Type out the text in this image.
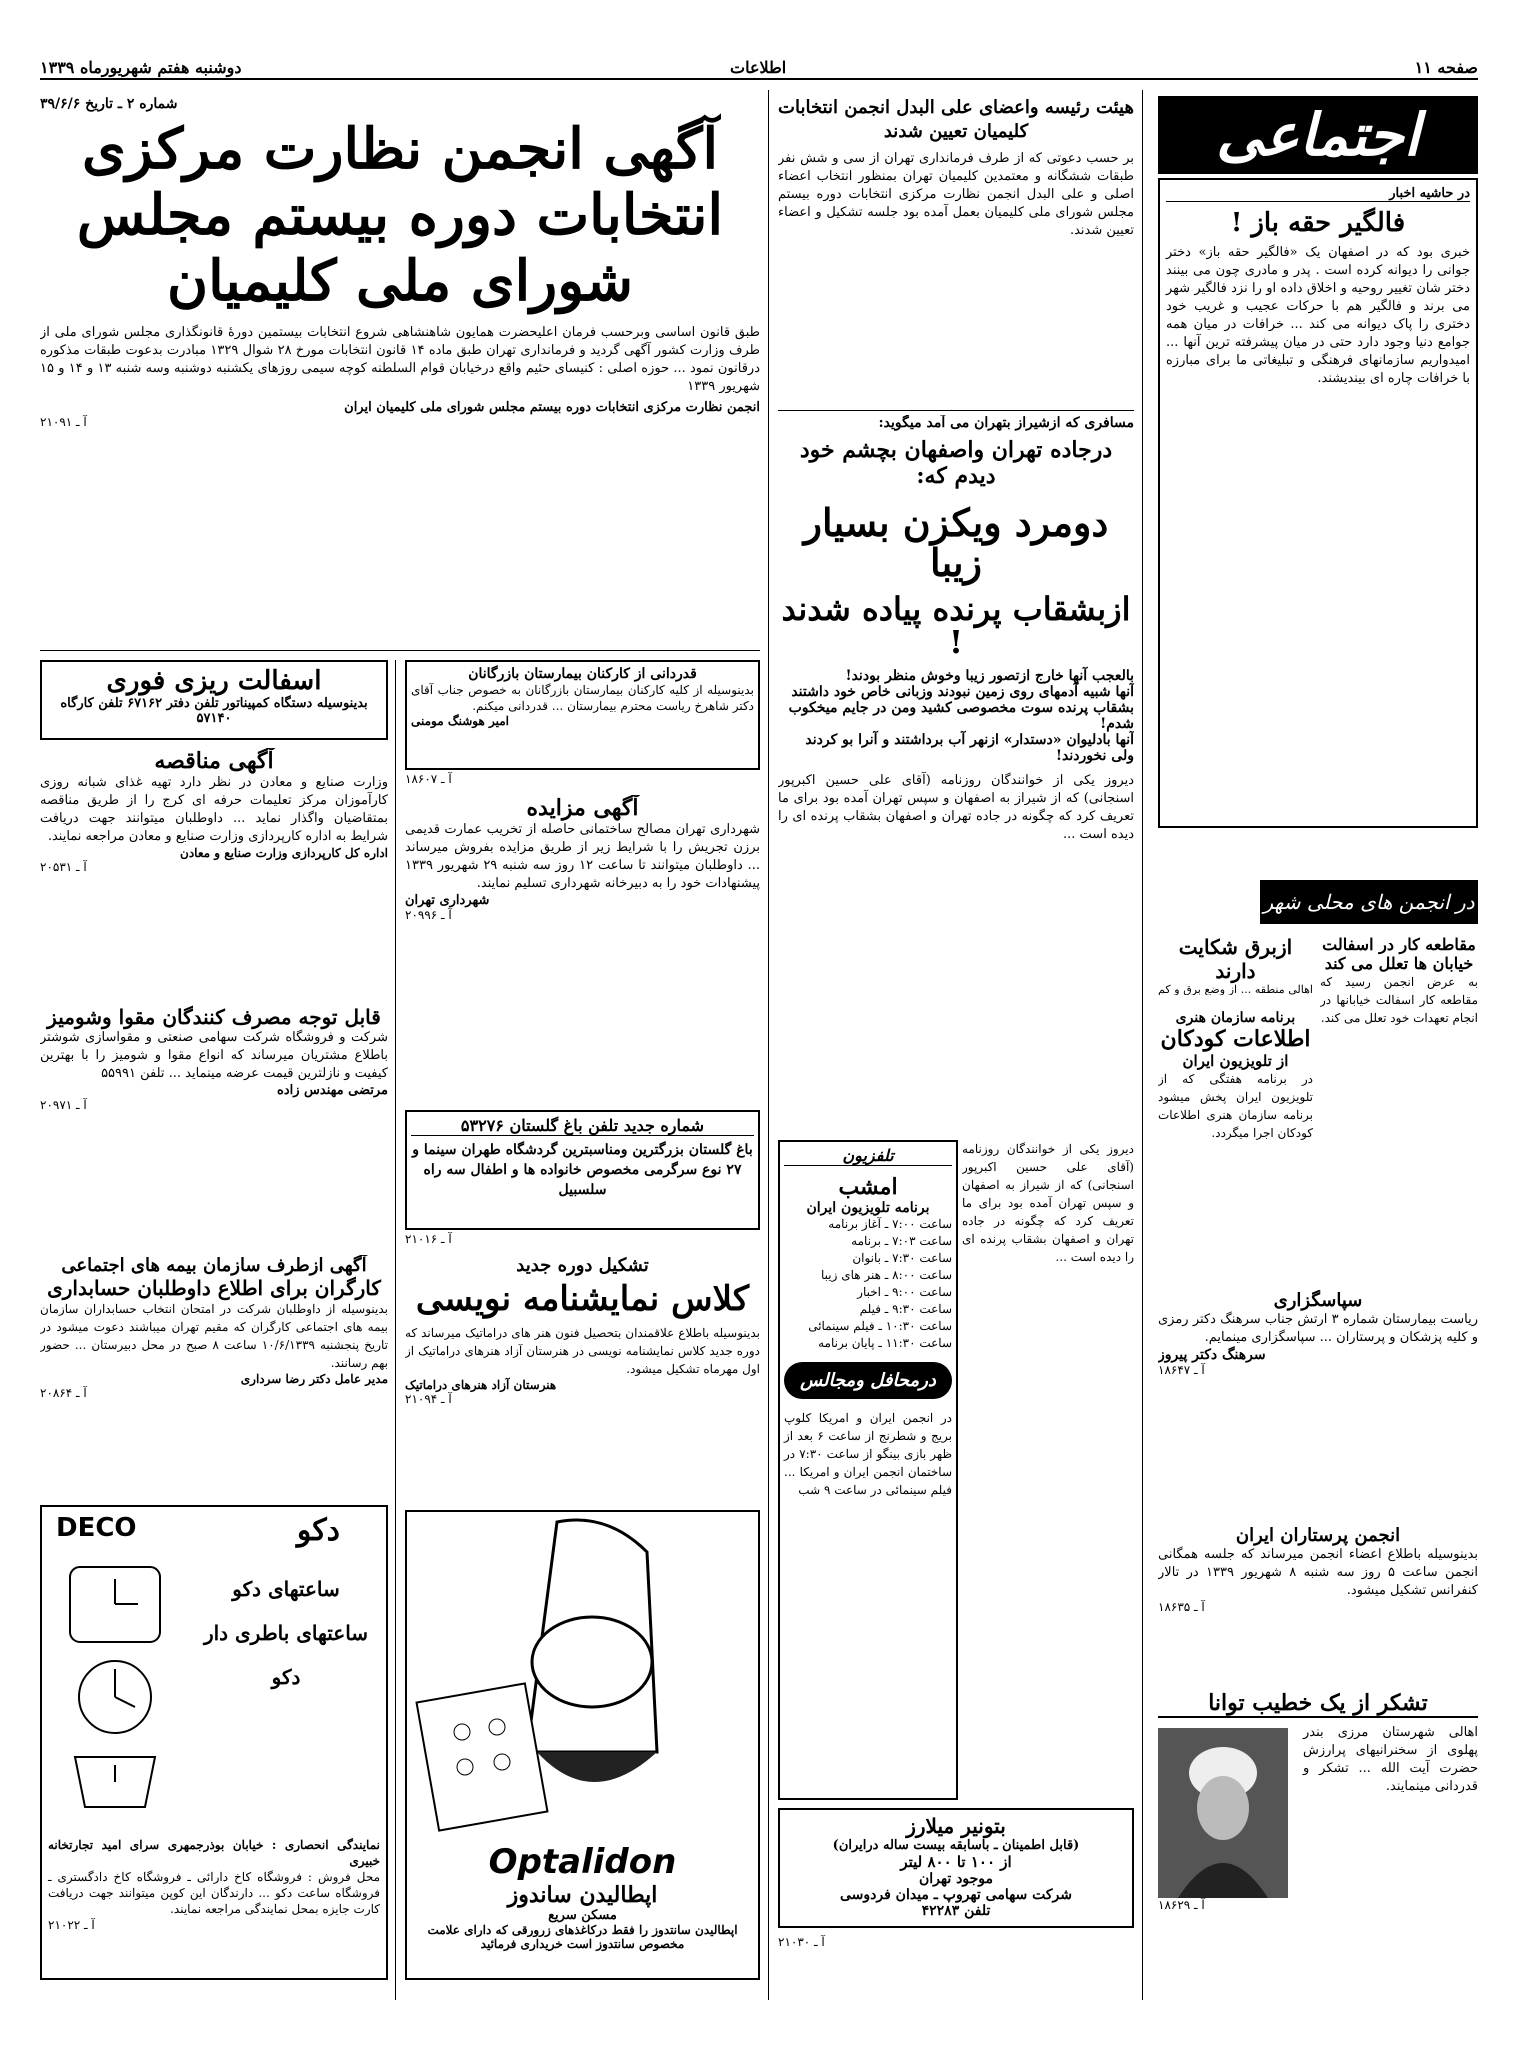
دوشنبه هفتم شهریورماه ۱۳۳۹	اطلاعات	صفحه ۱۱
اجتماعی
در حاشیه اخبار
فالگیر حقه باز !
خبری بود که در اصفهان یک «فالگیر حقه باز» دختر جوانی را دیوانه کرده است . پدر و مادری چون می بینند دختر شان تغییر روحیه و اخلاق داده او را نزد فالگیر شهر می برند و فالگیر هم با حرکات عجیب و غریب خود دختری را پاک دیوانه می کند ... خرافات در میان همه جوامع دنیا وجود دارد حتی در میان پیشرفته ترین آنها ... امیدواریم سازمانهای فرهنگی و تبلیغاتی ما برای مبارزه با خرافات چاره ای بیندیشند.
در انجمن های محلی شهر
مقاطعه کار در اسفالت خیابان ها تعلل می کند
به عرض انجمن رسید که مقاطعه کار اسفالت خیابانها در انجام تعهدات خود تعلل می کند.
ازبرق شکایت دارند
اهالی منطقه ... از وضع برق و کم
برنامه سازمان هنری
اطلاعات کودکان
از تلویزیون ایران
در برنامه هفتگی که از تلویزیون ایران پخش میشود برنامه سازمان هنری اطلاعات کودکان اجرا میگردد.
سپاسگزاری
ریاست بیمارستان شماره ۳ ارتش جناب سرهنگ دکتر رمزی و کلیه پزشکان و پرستاران ... سپاسگزاری مینمایم.
سرهنگ دکتر پیروز
آ ـ ۱۸۶۴۷
انجمن پرستاران ایران
بدینوسیله باطلاع اعضاء انجمن میرساند که جلسه همگانی انجمن ساعت ۵ روز سه شنبه ۸ شهریور ۱۳۳۹ در تالار کنفرانس تشکیل میشود.
آ ـ ۱۸۶۳۵
تشکر از یک خطیب توانا
اهالی شهرستان مرزی بندر پهلوی از سخنرانیهای پرارزش حضرت آیت الله ... تشکر و قدردانی مینمایند.
آ ـ ۱۸۶۲۹
هیئت رئیسه واعضای علی البدل انجمن انتخابات کلیمیان تعیین شدند
بر حسب دعوتی که از طرف فرمانداری تهران از سی و شش نفر طبقات ششگانه و معتمدین کلیمیان تهران بمنظور انتخاب اعضاء اصلی و علی البدل انجمن نظارت مرکزی انتخابات دوره بیستم مجلس شورای ملی کلیمیان بعمل آمده بود جلسه تشکیل و اعضاء تعیین شدند.
مسافری که ازشیراز بتهران می آمد میگوید:
درجاده تهران واصفهان بچشم خود دیدم که:
دومرد ویکزن بسیار زیبا
ازبشقاب پرنده پیاده شدند !
بالعجب آنها خارج ازتصور زیبا وخوش منظر بودند!
آنها شبیه آدمهای روی زمین نبودند وزبانی خاص خود داشتند
بشقاب پرنده سوت مخصوصی کشید ومن در جایم میخکوب شدم!
آنها بادلیوان «دستدار» ازنهر آب برداشتند و آنرا بو کردند ولی نخوردند!
دیروز یکی از خوانندگان روزنامه (آقای علی حسین اکبرپور اسنجانی) که از شیراز به اصفهان و سپس تهران آمده بود برای ما تعریف کرد که چگونه در جاده تهران و اصفهان بشقاب پرنده ای را دیده است ...
تلفزیون
امشب
برنامه تلویزیون ایران
ساعت ۷:۰۰ ـ آغاز برنامه
ساعت ۷:۰۳ ـ برنامه
ساعت ۷:۳۰ ـ بانوان
ساعت ۸:۰۰ ـ هنر های زیبا
ساعت ۹:۰۰ ـ اخبار
ساعت ۹:۳۰ ـ فیلم
ساعت ۱۰:۳۰ ـ فیلم سینمائی
ساعت ۱۱:۳۰ ـ پایان برنامه
درمحافل ومجالس
در انجمن ایران و امریکا کلوپ بریج و شطرنج از ساعت ۶ بعد از ظهر بازی بینگو از ساعت ۷:۳۰ در ساختمان انجمن ایران و امریکا ... فیلم سینمائی در ساعت ۹ شب
دیروز یکی از خوانندگان روزنامه (آقای علی حسین اکبرپور اسنجانی) که از شیراز به اصفهان و سپس تهران آمده بود برای ما تعریف کرد که چگونه در جاده تهران و اصفهان بشقاب پرنده ای را دیده است ...
بتونیر میلارز
(قابل اطمینان ـ باسابقه بیست ساله درایران)
از ۱۰۰ تا ۸۰۰ لیتر
موجود تهران
شرکت سهامی تهروپ ـ میدان فردوسی
تلفن ۴۲۲۸۳
آ ـ ۲۱۰۳۰
شماره ۲ ـ تاریخ ۳۹/۶/۶
آگهی انجمن نظارت مرکزی انتخابات دوره بیستم مجلس شورای ملی کلیمیان
طبق قانون اساسی وبرحسب فرمان اعلیحضرت همایون شاهنشاهی شروع انتخابات بیستمین دورهٔ قانونگذاری مجلس شورای ملی از طرف وزارت کشور آگهی گردید و فرمانداری تهران طبق ماده ۱۴ قانون انتخابات مورخ ۲۸ شوال ۱۳۲۹ مبادرت بدعوت طبقات مذکوره درقانون نمود ... حوزه اصلی : کنیسای حئیم واقع درخیابان قوام السلطنه کوچه سیمی روزهای یکشنبه دوشنبه وسه شنبه ۱۳ و ۱۴ و ۱۵ شهریور ۱۳۳۹
انجمن نظارت مرکزی انتخابات دوره بیستم مجلس شورای ملی کلیمیان ایران
آ ـ ۲۱۰۹۱
قدردانی از کارکنان بیمارستان بازرگانان
بدینوسیله از کلیه کارکنان بیمارستان بازرگانان به خصوص جناب آقای دکتر شاهرخ ریاست محترم بیمارستان ... قدردانی میکنم.
امیر هوشنگ مومنی
آ ـ ۱۸۶۰۷
آگهی مزایده
شهرداری تهران مصالح ساختمانی حاصله از تخریب عمارت قدیمی برزن تجریش را با شرایط زیر از طریق مزایده بفروش میرساند ... داوطلبان میتوانند تا ساعت ۱۲ روز سه شنبه ۲۹ شهریور ۱۳۳۹ پیشنهادات خود را به دبیرخانه شهرداری تسلیم نمایند.
شهرداری تهران
آ ـ ۲۰۹۹۶
شماره جدید تلفن باغ گلستان ۵۳۲۷۶
باغ گلستان بزرگترین ومناسبترین گردشگاه طهران سینما و ۲۷ نوع سرگرمی مخصوص خانواده ها و اطفال سه راه سلسبیل
آ ـ ۲۱۰۱۶
تشکیل دوره جدید
کلاس نمایشنامه نویسی
بدینوسیله باطلاع علاقمندان بتحصیل فنون هنر های دراماتیک میرساند که دوره جدید کلاس نمایشنامه نویسی در هنرستان آزاد هنرهای دراماتیک از اول مهرماه تشکیل میشود.
هنرستان آزاد هنرهای دراماتیک
آ ـ ۲۱۰۹۴
Optalidon
اپطالیدن ساندوز
مسکن سریع
اپطالیدن سانتدوز را فقط درکاغذهای زرورقی که دارای علامت مخصوص سانتدوز است خریداری فرمائید
اسفالت ریزی فوری
بدینوسیله دستگاه کمپیناتور تلفن دفتر ۶۷۱۶۲ تلفن کارگاه ۵۷۱۴۰
آگهی مناقصه
وزارت صنایع و معادن در نظر دارد تهیه غذای شبانه روزی کارآموزان مرکز تعلیمات حرفه ای کرج را از طریق مناقصه بمتقاضیان واگذار نماید ... داوطلبان میتوانند جهت دریافت شرایط به اداره کارپردازی وزارت صنایع و معادن مراجعه نمایند.
اداره کل کارپردازی وزارت صنایع و معادن
آ ـ ۲۰۵۳۱
قابل توجه مصرف کنندگان مقوا وشومیز
شرکت و فروشگاه شرکت سهامی صنعتی و مقواسازی شوشتر باطلاع مشتریان میرساند که انواع مقوا و شومیز را با بهترین کیفیت و نازلترین قیمت عرضه مینماید ... تلفن ۵۵۹۹۱
مرتضی مهندس زاده
آ ـ ۲۰۹۷۱
آگهی ازطرف سازمان بیمه های اجتماعی
کارگران برای اطلاع داوطلبان حسابداری
بدینوسیله از داوطلبان شرکت در امتحان انتخاب حسابداران سازمان بیمه های اجتماعی کارگران که مقیم تهران میباشند دعوت میشود در تاریخ پنجشنبه ۱۰/۶/۱۳۳۹ ساعت ۸ صبح در محل دبیرستان ... حضور بهم رسانند.
مدیر عامل دکتر رضا سرداری
آ ـ ۲۰۸۶۴
DECO	دکو
ساعتهای دکو
ساعتهای باطری دار
دکو
نمایندگی انحصاری : خیابان بوذرجمهری سرای امید تجارتخانه خبیری
محل فروش : فروشگاه کاخ دارائی ـ فروشگاه کاخ دادگستری ـ فروشگاه ساعت دکو ... دارندگان این کوپن میتوانند جهت دریافت کارت جایزه بمحل نمایندگی مراجعه نمایند.
آ ـ ۲۱۰۲۲
